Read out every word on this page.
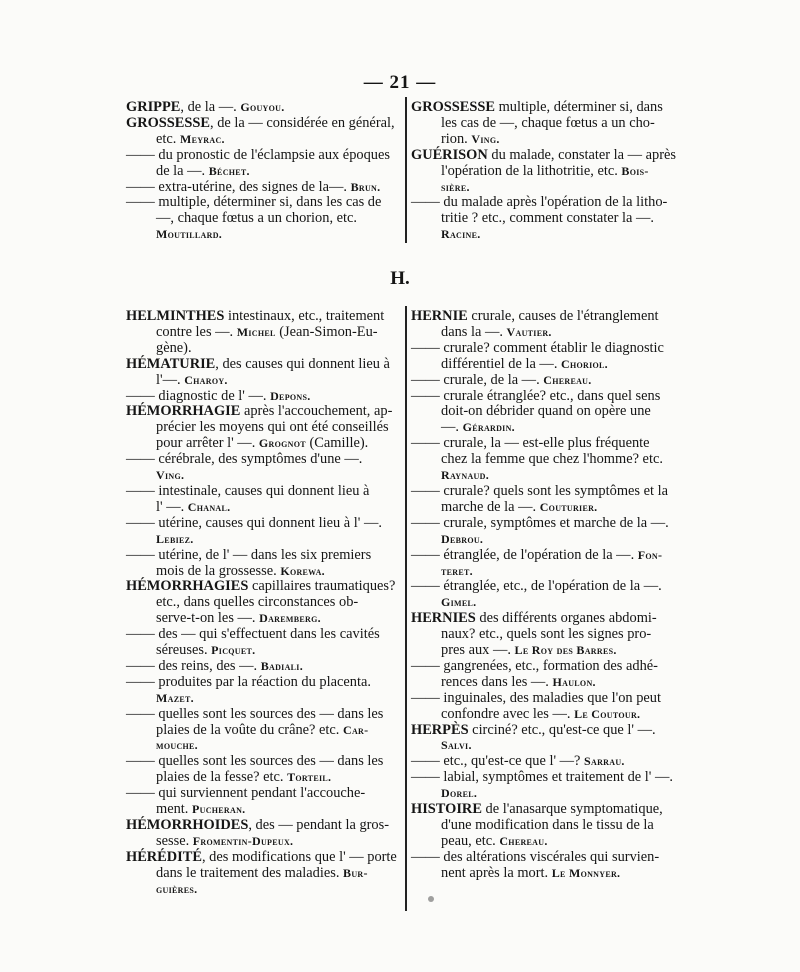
— 21 —
GRIPPE, de la —. Gouyou.
GROSSESSE, de la — considérée en général,
etc. Meyrac.
—— du pronostic de l'éclampsie aux époques
de la —. Béchet.
—— extra-utérine, des signes de la—. Brun.
—— multiple, déterminer si, dans les cas de
—, chaque fœtus a un chorion, etc.
Moutillard.
GROSSESSE multiple, déterminer si, dans
les cas de —, chaque fœtus a un cho-
rion. Ving.
GUÉRISON du malade, constater la — après
l'opération de la lithotritie, etc. Bois-
sière.
—— du malade après l'opération de la litho-
tritie ? etc., comment constater la —.
Racine.
H.
HELMINTHES intestinaux, etc., traitement
contre les —. Michel (Jean-Simon-Eu-
gène).
HÉMATURIE, des causes qui donnent lieu à
l'—. Charoy.
—— diagnostic de l' —. Depons.
HÉMORRHAGIE après l'accouchement, ap-
précier les moyens qui ont été conseillés
pour arrêter l' —. Grognot (Camille).
—— cérébrale, des symptômes d'une —.
Ving.
—— intestinale, causes qui donnent lieu à
l' —. Chanal.
—— utérine, causes qui donnent lieu à l' —.
Lebiez.
—— utérine, de l' — dans les six premiers
mois de la grossesse. Korewa.
HÉMORRHAGIES capillaires traumatiques?
etc., dans quelles circonstances ob-
serve-t-on les —. Daremberg.
—— des — qui s'effectuent dans les cavités
séreuses. Picquet.
—— des reins, des —. Badiali.
—— produites par la réaction du placenta.
Mazet.
—— quelles sont les sources des — dans les
plaies de la voûte du crâne? etc. Car-
mouche.
—— quelles sont les sources des — dans les
plaies de la fesse? etc. Torteil.
—— qui surviennent pendant l'accouche-
ment. Pucheran.
HÉMORRHOIDES, des — pendant la gros-
sesse. Fromentin-Dupeux.
HÉRÉDITÉ, des modifications que l' — porte
dans le traitement des maladies. Bur-
guières.
HERNIE crurale, causes de l'étranglement
dans la —. Vautier.
—— crurale? comment établir le diagnostic
différentiel de la —. Choriol.
—— crurale, de la —. Chereau.
—— crurale étranglée? etc., dans quel sens
doit-on débrider quand on opère une
—. Gérardin.
—— crurale, la — est-elle plus fréquente
chez la femme que chez l'homme? etc.
Raynaud.
—— crurale? quels sont les symptômes et la
marche de la —. Couturier.
—— crurale, symptômes et marche de la —.
Debrou.
—— étranglée, de l'opération de la —. Fon-
teret.
—— étranglée, etc., de l'opération de la —.
Gimel.
HERNIES des différents organes abdomi-
naux? etc., quels sont les signes pro-
pres aux —. Le Roy des Barres.
—— gangrenées, etc., formation des adhé-
rences dans les —. Haulon.
—— inguinales, des maladies que l'on peut
confondre avec les —. Le Coutour.
HERPÈS circiné? etc., qu'est-ce que l' —.
Salvi.
—— etc., qu'est-ce que l' —? Sarrau.
—— labial, symptômes et traitement de l' —.
Dorel.
HISTOIRE de l'anasarque symptomatique,
d'une modification dans le tissu de la
peau, etc. Chereau.
—— des altérations viscérales qui survien-
nent après la mort. Le Monnyer.
